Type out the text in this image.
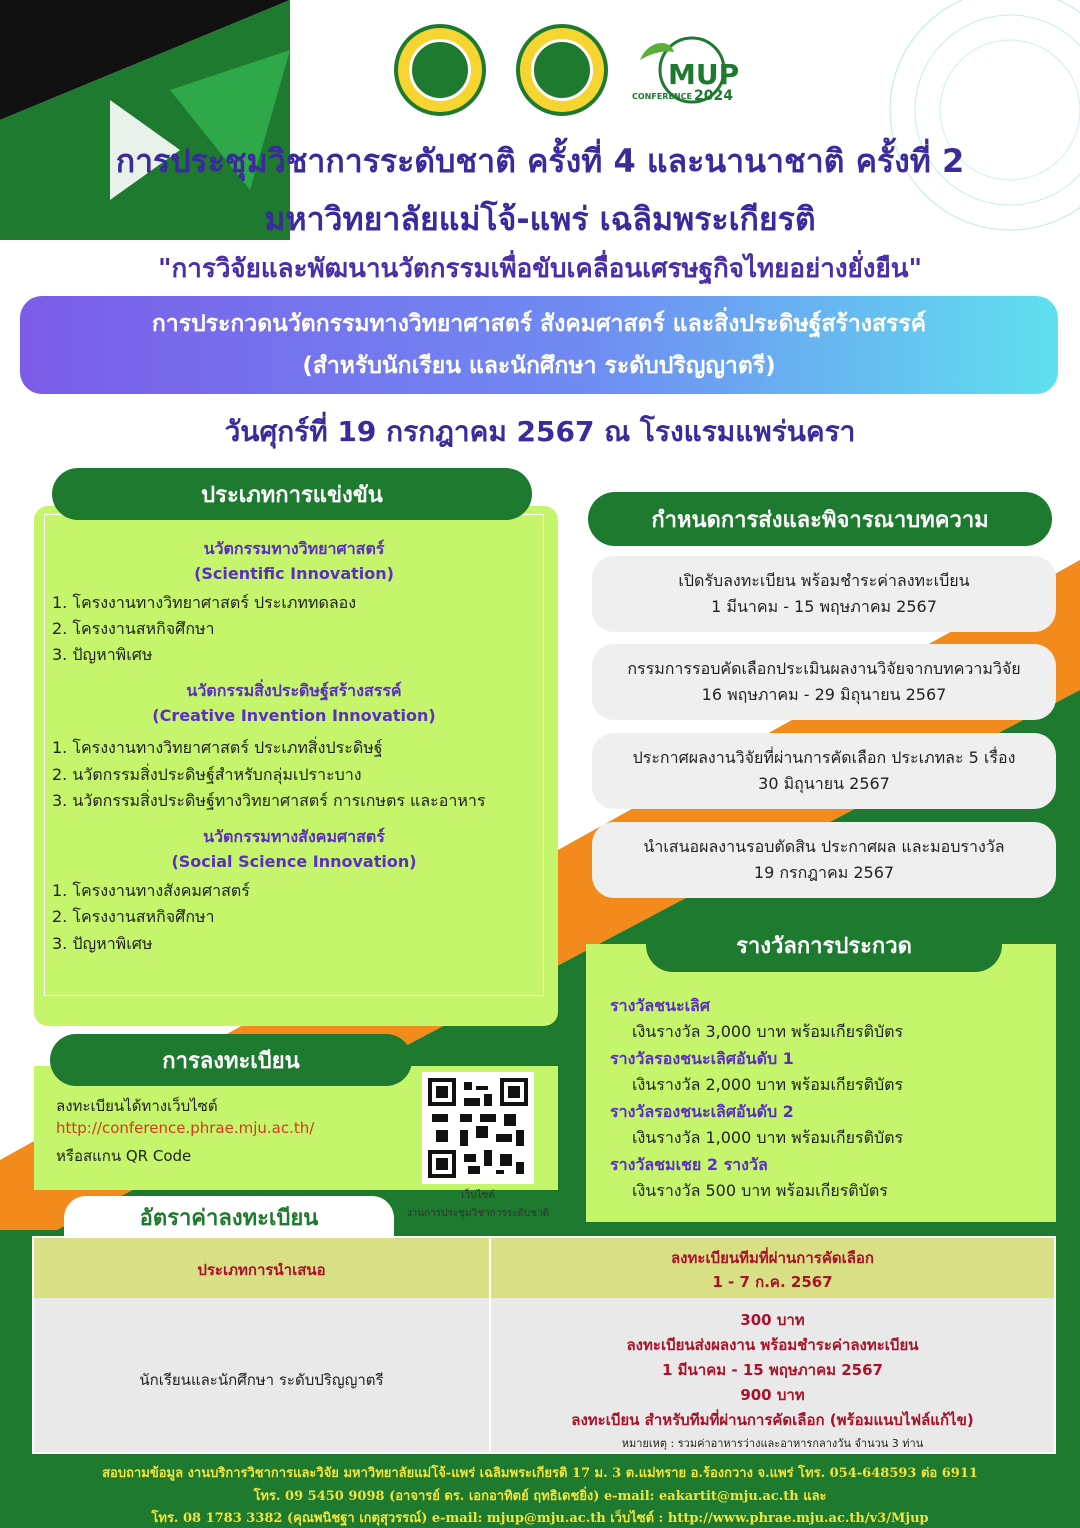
MUP
2024
CONFERENCE
การประชุมวิชาการระดับชาติ ครั้งที่ 4 และนานาชาติ ครั้งที่ 2
มหาวิทยาลัยแม่โจ้-แพร่ เฉลิมพระเกียรติ
"การวิจัยและพัฒนานวัตกรรมเพื่อขับเคลื่อนเศรษฐกิจไทยอย่างยั่งยืน"
การประกวดนวัตกรรมทางวิทยาศาสตร์ สังคมศาสตร์ และสิ่งประดิษฐ์สร้างสรรค์
(สำหรับนักเรียน และนักศึกษา ระดับปริญญาตรี)
วันศุกร์ที่ 19 กรกฎาคม 2567 ณ โรงแรมแพร่นครา
ประเภทการแข่งขัน
นวัตกรรมทางวิทยาศาสตร์
(Scientific Innovation)
1. โครงงานทางวิทยาศาสตร์ ประเภททดลอง
2. โครงงานสหกิจศึกษา
3. ปัญหาพิเศษ
นวัตกรรมสิ่งประดิษฐ์สร้างสรรค์
(Creative Invention Innovation)
1. โครงงานทางวิทยาศาสตร์ ประเภทสิ่งประดิษฐ์
2. นวัตกรรมสิ่งประดิษฐ์สำหรับกลุ่มเปราะบาง
3. นวัตกรรมสิ่งประดิษฐ์ทางวิทยาศาสตร์ การเกษตร และอาหาร
นวัตกรรมทางสังคมศาสตร์
(Social Science Innovation)
1. โครงงานทางสังคมศาสตร์
2. โครงงานสหกิจศึกษา
3. ปัญหาพิเศษ
กำหนดการส่งและพิจารณาบทความ
เปิดรับลงทะเบียน พร้อมชำระค่าลงทะเบียน
1 มีนาคม - 15 พฤษภาคม 2567
กรรมการรอบคัดเลือกประเมินผลงานวิจัยจากบทความวิจัย
16 พฤษภาคม - 29 มิถุนายน 2567
ประกาศผลงานวิจัยที่ผ่านการคัดเลือก ประเภทละ 5 เรื่อง
30 มิถุนายน 2567
นำเสนอผลงานรอบตัดสิน ประกาศผล และมอบรางวัล
19 กรกฎาคม 2567
รางวัลการประกวด
รางวัลชนะเลิศ
เงินรางวัล 3,000 บาท พร้อมเกียรติบัตร
รางวัลรองชนะเลิศอันดับ 1
เงินรางวัล 2,000 บาท พร้อมเกียรติบัตร
รางวัลรองชนะเลิศอันดับ 2
เงินรางวัล 1,000 บาท พร้อมเกียรติบัตร
รางวัลชมเชย 2 รางวัล
เงินรางวัล 500 บาท พร้อมเกียรติบัตร
การลงทะเบียน
ลงทะเบียนได้ทางเว็บไซต์
http://conference.phrae.mju.ac.th/
หรือสแกน QR Code
เว็บไซต์
งานการประชุมวิชาการระดับชาติ
อัตราค่าลงทะเบียน
ประเภทการนำเสนอ
ลงทะเบียนทีมที่ผ่านการคัดเลือก
1 - 7 ก.ค. 2567
นักเรียนและนักศึกษา ระดับปริญญาตรี
300 บาท
ลงทะเบียนส่งผลงาน พร้อมชำระค่าลงทะเบียน
1 มีนาคม - 15 พฤษภาคม 2567
900 บาท
ลงทะเบียน สำหรับทีมที่ผ่านการคัดเลือก (พร้อมแนบไฟล์แก้ไข)
หมายเหตุ : รวมค่าอาหารว่างและอาหารกลางวัน จำนวน 3 ท่าน
สอบถามข้อมูล งานบริการวิชาการและวิจัย มหาวิทยาลัยแม่โจ้-แพร่ เฉลิมพระเกียรติ 17 ม. 3 ต.แม่ทราย อ.ร้องกวาง จ.แพร่ โทร. 054-648593 ต่อ 6911
โทร. 09 5450 9098 (อาจารย์ ดร. เอกอาทิตย์ ฤทธิเดชยิ่ง) e-mail: eakartit@mju.ac.th และ
โทร. 08 1783 3382 (คุณพนิชฐา เกตุสุวรรณ์) e-mail: mjup@mju.ac.th เว็บไซต์ : http://www.phrae.mju.ac.th/v3/Mjup
